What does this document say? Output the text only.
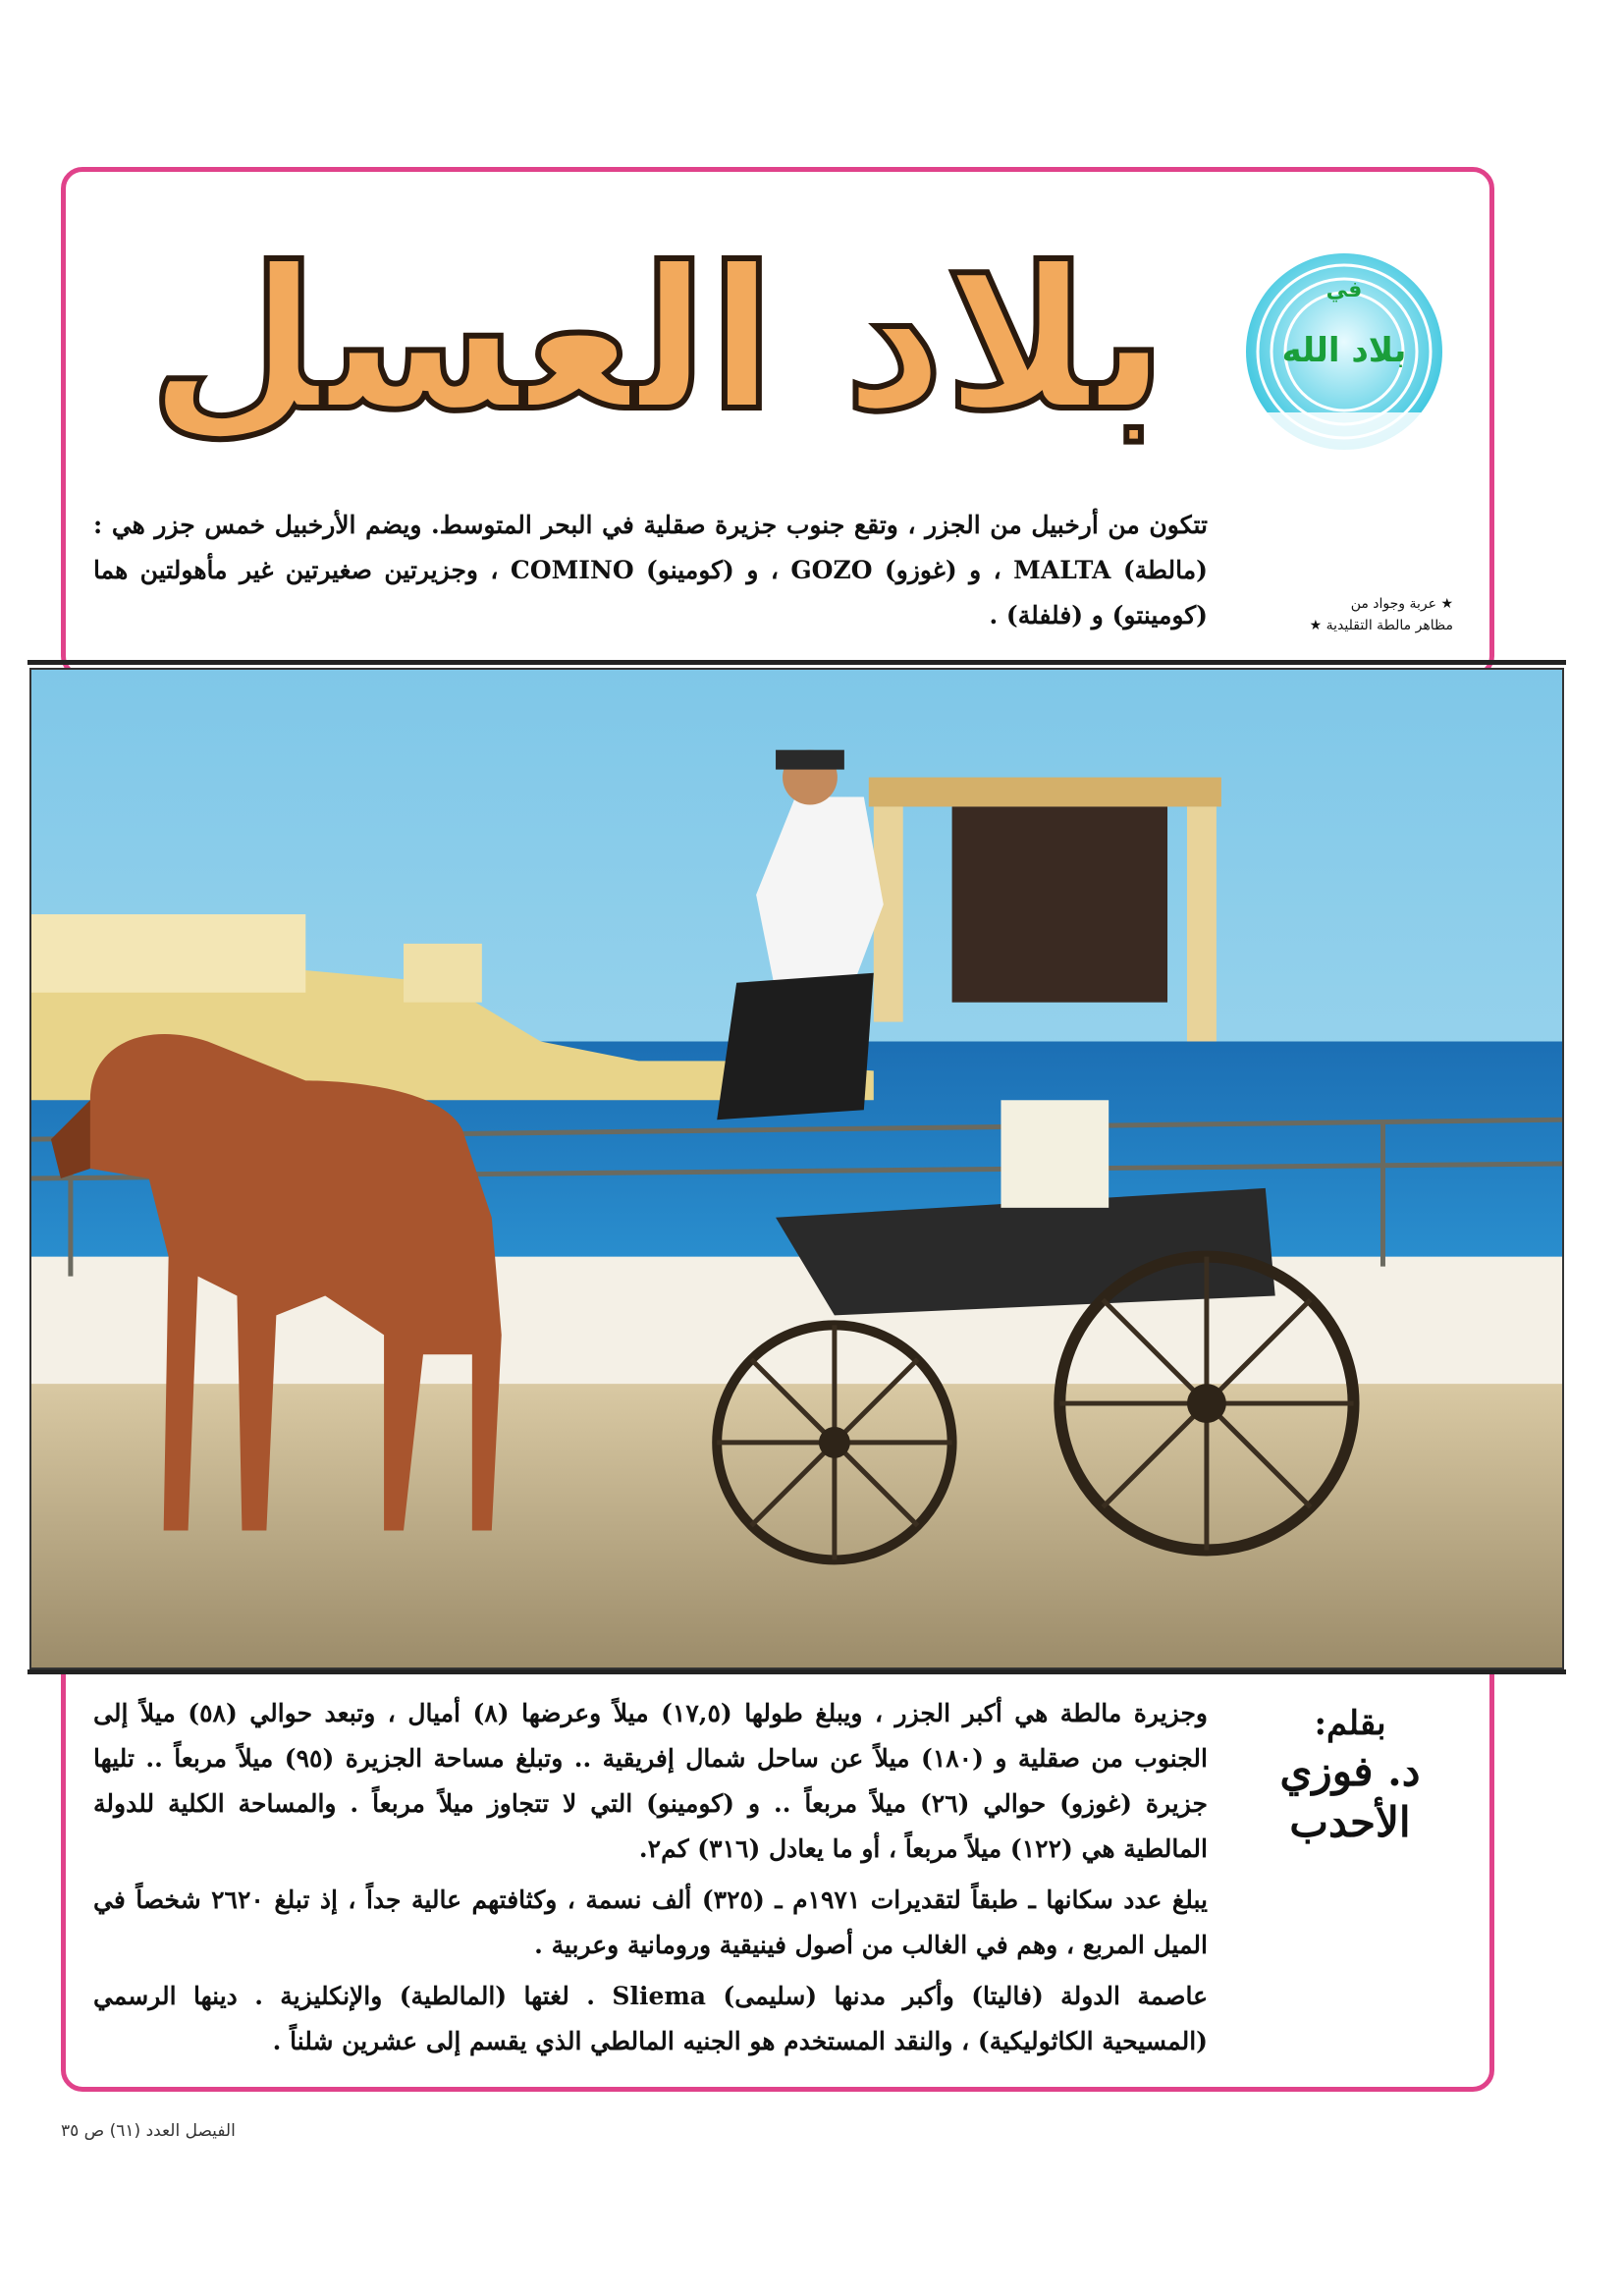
بلاد العسل	في
بلاد الله
تتكون من أرخبيل من الجزر ، وتقع جنوب جزيرة صقلية في البحر المتوسط. ويضم الأرخبيل خمس جزر هي : (مالطة) MALTA ، و (غوزو) GOZO ، و (كومينو) COMINO ، وجزيرتين صغيرتين غير مأهولتين هما (كومينتو) و (فلفلة) .	★ عربة وجواد من
مظاهر مالطة التقليدية ★
بقلم:
د. فوزي
الأحدب

وجزيرة مالطة هي أكبر الجزر ، ويبلغ طولها (١٧,٥) ميلاً وعرضها (٨) أميال ، وتبعد حوالي (٥٨) ميلاً إلى الجنوب من صقلية و (١٨٠) ميلاً عن ساحل شمال إفريقية .. وتبلغ مساحة الجزيرة (٩٥) ميلاً مربعاً .. تليها جزيرة (غوزو) حوالي (٢٦) ميلاً مربعاً .. و (كومينو) التي لا تتجاوز ميلاً مربعاً . والمساحة الكلية للدولة المالطية هي (١٢٢) ميلاً مربعاً ، أو ما يعادل (٣١٦) كم٢.

يبلغ عدد سكانها ـ طبقاً لتقديرات ١٩٧١م ـ (٣٢٥) ألف نسمة ، وكثافتهم عالية جداً ، إذ تبلغ ٢٦٢٠ شخصاً في الميل المربع ، وهم في الغالب من أصول فينيقية ورومانية وعربية .

عاصمة الدولة (فاليتا) وأكبر مدنها (سليمى) Sliema . لغتها (المالطية) والإنكليزية . دينها الرسمي (المسيحية الكاثوليكية) ، والنقد المستخدم هو الجنيه المالطي الذي يقسم إلى عشرين شلناً .

الفيصل العدد (٦١) ص ٣٥
